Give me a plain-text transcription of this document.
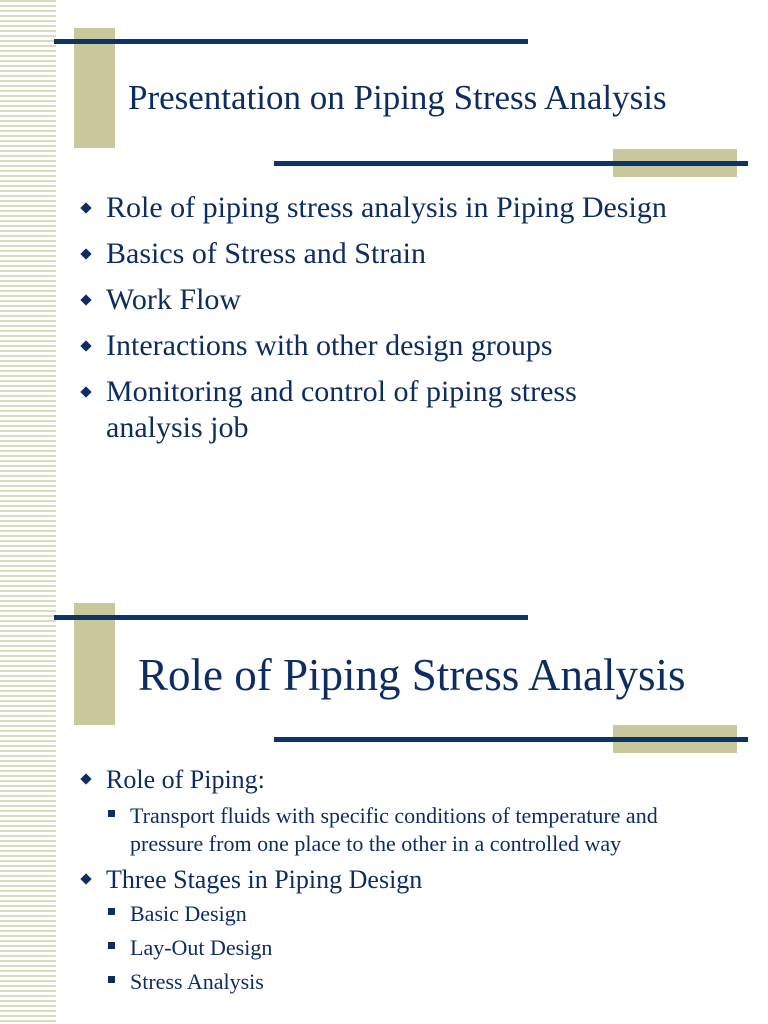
Presentation on Piping Stress Analysis
Role of piping stress analysis in Piping Design
Basics of Stress and Strain
Work Flow
Interactions with other design groups
Monitoring and control of piping stress analysis job
Role of Piping Stress Analysis
Role of Piping:
Transport fluids with specific conditions of temperature and pressure from one place to the other in a controlled way
Three Stages in Piping Design
Basic Design
Lay-Out Design
Stress Analysis
